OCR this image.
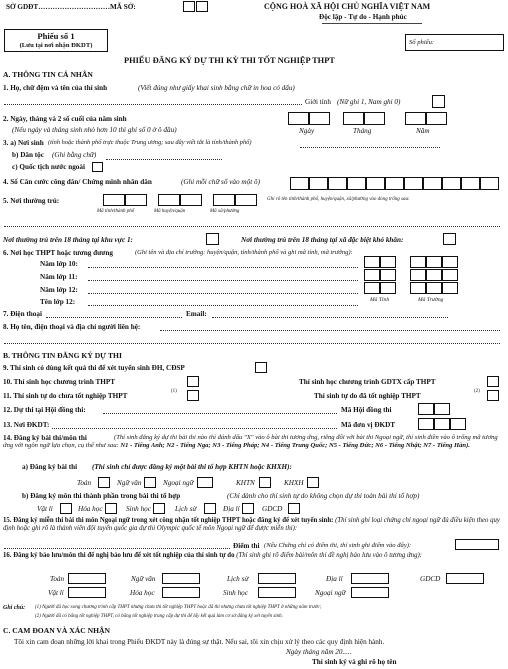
SỞ GDĐT…………………………MÃ SỞ:	CỘNG HOÀ XÃ HỘI CHỦ NGHĨA VIỆT NAM
Độc lập - Tự do - Hạnh phúc
Phiếu số 1
(Lưu tại nơi nhận ĐKDT)	Số phiếu:
PHIẾU ĐĂNG KÝ DỰ THI KỲ THI TỐT NGHIỆP THPT
A. THÔNG TIN CÁ NHÂN
1. Họ, chữ đệm và tên của thí sinh	(Viết đúng như giấy khai sinh bằng chữ in hoa có dấu)
Giới tính (Nữ ghi 1, Nam ghi 0)
2. Ngày, tháng và 2 số cuối của năm sinh
(Nếu ngày và tháng sinh nhỏ hơn 10 thì ghi số 0 ở ô đầu)	Ngày	Tháng	Năm
3. a) Nơi sinh (tỉnh hoặc thành phố trực thuộc Trung ương; sau đây viết tắt là tỉnh/thành phố)
b) Dân tộc (Ghi bằng chữ)
c) Quốc tịch nước ngoài
4. Số Căn cước công dân/ Chứng minh nhân dân	(Ghi mỗi chữ số vào một ô)
5. Nơi thường trú:
Mã tỉnh/thành phố	Mã huyện/quận	Mã xã/phường
Ghi rõ tên tỉnh/thành phố, huyện/quận, xã/phường vào dòng trống sau:
Nơi thường trú trên 18 tháng tại khu vực 1:	Nơi thường trú trên 18 tháng tại xã đặc biệt khó khăn:
6. Nơi học THPT hoặc tương đương	(Ghi tên và địa chỉ trường: huyện/quận, tỉnh/thành phố và ghi mã tỉnh, mã trường):
Năm lớp 10:
Năm lớp 11:
Năm lớp 12:
Tên lớp 12:	Mã Tỉnh	Mã Trường
7. Điện thoại	Email:
8. Họ tên, điện thoại và địa chỉ người liên hệ:
B. THÔNG TIN ĐĂNG KÝ DỰ THI
9. Thí sinh có dùng kết quả thi để xét tuyển sinh ĐH, CĐSP
10. Thí sinh học chương trình THPT	Thí sinh học chương trình GDTX cấp THPT
11. Thí sinh tự do chưa tốt nghiệp THPT
(1)
Thí sinh tự do đã tốt nghiệp THPT
(2)
12. Dự thi tại Hội đồng thi:	Mã Hội đồng thi
13. Nơi ĐKDT:	Mã đơn vị ĐKDT
14. Đăng ký bài thi/môn thi	(Thí sinh đăng ký dự thi bài thi nào thì đánh dấu "X" vào ô bài thi tương ứng, riêng đối với bài thi Ngoại ngữ, thí sinh điền vào ô trống mã tương ứng với ngôn ngữ lựa chọn, cụ thể như sau: N1 - Tiếng Anh; N2 - Tiếng Nga; N3 - Tiếng Pháp; N4 - Tiếng Trung Quốc; N5 - Tiếng Đức; N6 - Tiếng Nhật; N7 - Tiếng Hàn).
a) Đăng ký bài thi (Thí sinh chỉ được đăng ký một bài thi tổ hợp KHTN hoặc KHXH):
Toán	Ngữ văn	Ngoại ngữ	KHTN	KHXH
b) Đăng ký môn thi thành phần trong bài thi tổ hợp	(Chỉ dành cho thí sinh tự do không chọn dự thi toàn bài thi tổ hợp)
Vật lí	Hóa học	Sinh học	Lịch sử	Địa lí	GDCD
15. Đăng ký miễn thi bài thi môn Ngoại ngữ trong xét công nhận tốt nghiệp THPT hoặc đăng ký để xét tuyển sinh: (Thí sinh ghi loại chứng chỉ ngoại ngữ đủ điều kiện theo quy định hoặc ghi rõ là thành viên đội tuyển quốc gia dự thi Olympic quốc tế môn Ngoại ngữ để được miễn thi):
Điểm thi (Nếu Chứng chỉ có điểm thi, thí sinh ghi điểm vào đây):
16. Đăng ký bảo lưu/môn thi để nghị bảo lưu để xét tốt nghiệp của thí sinh tự do (Thí sinh ghi rõ điểm bài/môn thi đề nghị bảo lưu vào ô tương ứng):
Toán	Ngữ văn	Lịch sử	Địa lí	GDCD
Vật lí	Hóa học	Sinh học	Ngoại ngữ
Ghi chú: (1) Người đã học xong chương trình cấp THPT nhưng chưa thi tốt nghiệp THPT hoặc đã thi nhưng chưa tốt nghiệp THPT ở những năm trước;
(2) Người đã có bằng tốt nghiệp THPT, có bằng tốt nghiệp trung cấp dự thi để lấy kết quả làm cơ sở đăng ký xét tuyển sinh.
C. CAM ĐOAN VÀ XÁC NHẬN
Tôi xin cam đoan những lời khai trong Phiếu ĐKDT này là đúng sự thật. Nếu sai, tôi xin chịu xử lý theo các quy định hiện hành.
Ngày tháng năm 20.....
Thí sinh ký và ghi rõ họ tên
